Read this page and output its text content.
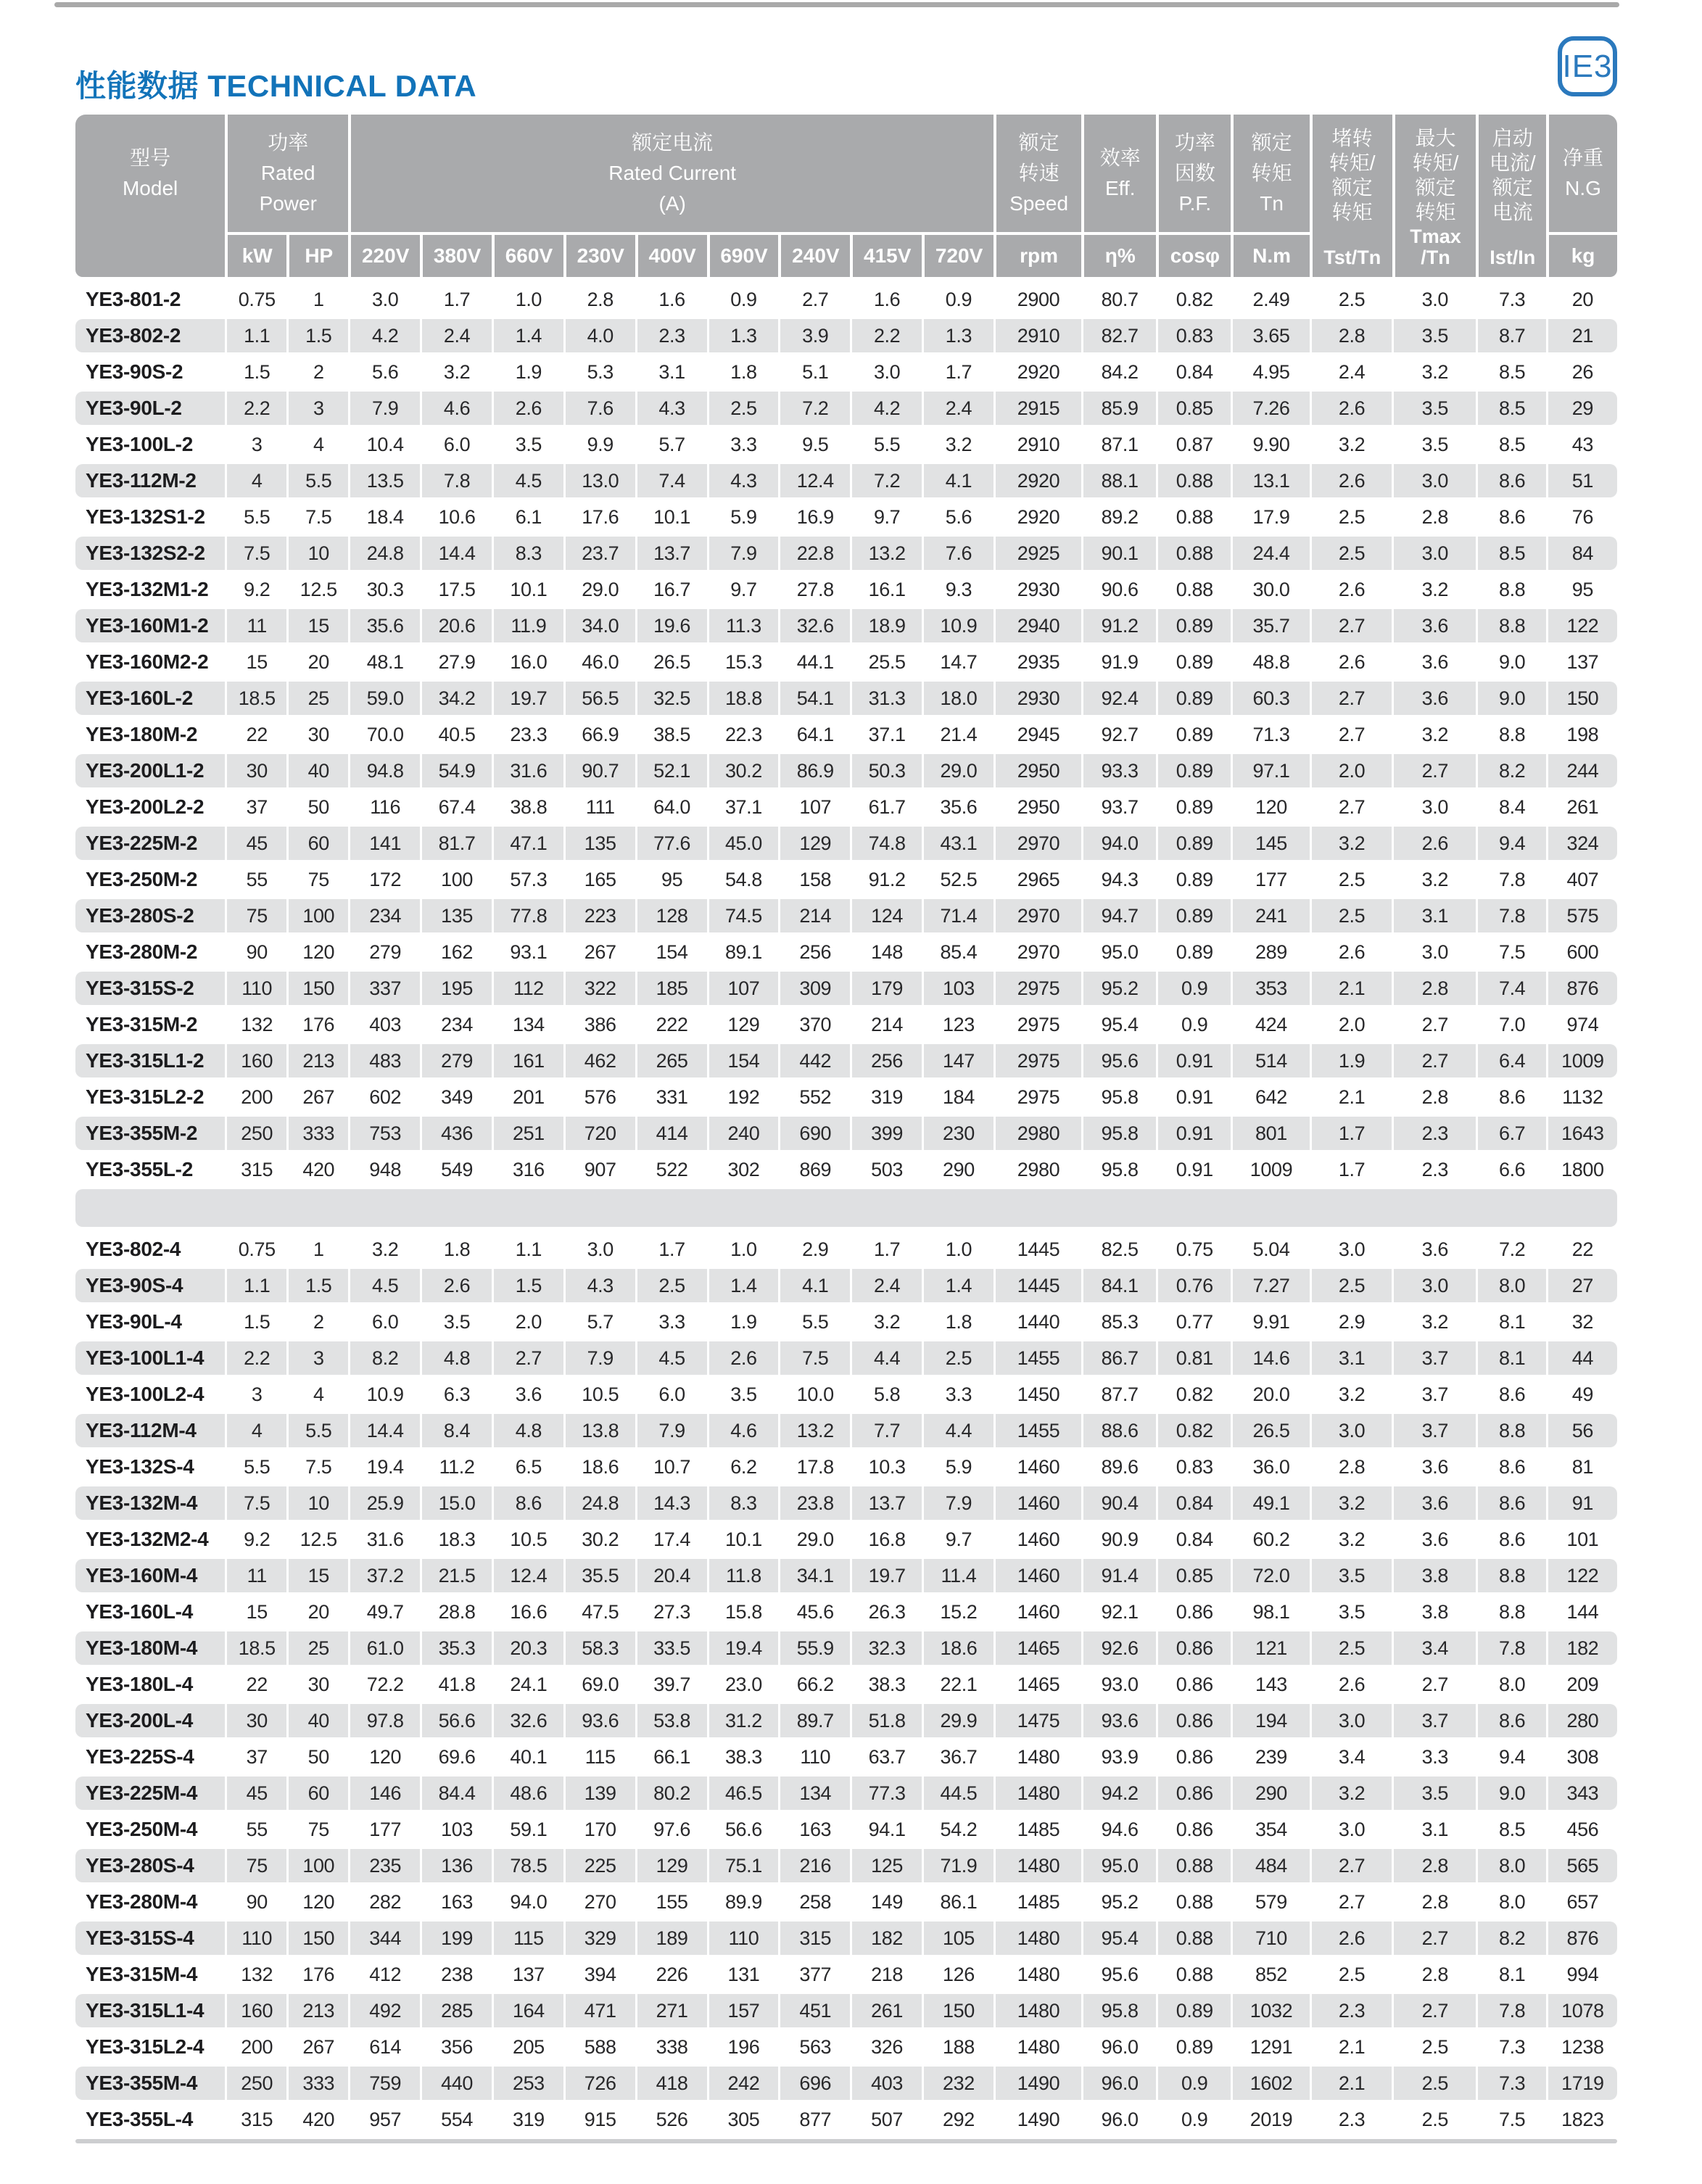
性能数据 TECHNICAL DATA
IE3
型号
Model
功率
Rated
Power
kW	HP
额定电流
Rated Current
(A)
220V	380V	660V	230V	400V	690V	240V	415V	720V
额定
转速
Speed
rpm
效率
Eff.
η%
功率
因数
P.F.
cosφ
额定
转矩
Tn
N.m
堵转
转矩/
额定
转矩
Tst/Tn
最大
转矩/
额定
转矩
Tmax
/Tn
启动
电流/
额定
电流
Ist/In
净重
N.G
kg
YE3-801-2	0.75	1	3.0	1.7	1.0	2.8	1.6	0.9	2.7	1.6	0.9	2900	80.7	0.82	2.49	2.5	3.0	7.3	20
YE3-802-2	1.1	1.5	4.2	2.4	1.4	4.0	2.3	1.3	3.9	2.2	1.3	2910	82.7	0.83	3.65	2.8	3.5	8.7	21
YE3-90S-2	1.5	2	5.6	3.2	1.9	5.3	3.1	1.8	5.1	3.0	1.7	2920	84.2	0.84	4.95	2.4	3.2	8.5	26
YE3-90L-2	2.2	3	7.9	4.6	2.6	7.6	4.3	2.5	7.2	4.2	2.4	2915	85.9	0.85	7.26	2.6	3.5	8.5	29
YE3-100L-2	3	4	10.4	6.0	3.5	9.9	5.7	3.3	9.5	5.5	3.2	2910	87.1	0.87	9.90	3.2	3.5	8.5	43
YE3-112M-2	4	5.5	13.5	7.8	4.5	13.0	7.4	4.3	12.4	7.2	4.1	2920	88.1	0.88	13.1	2.6	3.0	8.6	51
YE3-132S1-2	5.5	7.5	18.4	10.6	6.1	17.6	10.1	5.9	16.9	9.7	5.6	2920	89.2	0.88	17.9	2.5	2.8	8.6	76
YE3-132S2-2	7.5	10	24.8	14.4	8.3	23.7	13.7	7.9	22.8	13.2	7.6	2925	90.1	0.88	24.4	2.5	3.0	8.5	84
YE3-132M1-2	9.2	12.5	30.3	17.5	10.1	29.0	16.7	9.7	27.8	16.1	9.3	2930	90.6	0.88	30.0	2.6	3.2	8.8	95
YE3-160M1-2	11	15	35.6	20.6	11.9	34.0	19.6	11.3	32.6	18.9	10.9	2940	91.2	0.89	35.7	2.7	3.6	8.8	122
YE3-160M2-2	15	20	48.1	27.9	16.0	46.0	26.5	15.3	44.1	25.5	14.7	2935	91.9	0.89	48.8	2.6	3.6	9.0	137
YE3-160L-2	18.5	25	59.0	34.2	19.7	56.5	32.5	18.8	54.1	31.3	18.0	2930	92.4	0.89	60.3	2.7	3.6	9.0	150
YE3-180M-2	22	30	70.0	40.5	23.3	66.9	38.5	22.3	64.1	37.1	21.4	2945	92.7	0.89	71.3	2.7	3.2	8.8	198
YE3-200L1-2	30	40	94.8	54.9	31.6	90.7	52.1	30.2	86.9	50.3	29.0	2950	93.3	0.89	97.1	2.0	2.7	8.2	244
YE3-200L2-2	37	50	116	67.4	38.8	111	64.0	37.1	107	61.7	35.6	2950	93.7	0.89	120	2.7	3.0	8.4	261
YE3-225M-2	45	60	141	81.7	47.1	135	77.6	45.0	129	74.8	43.1	2970	94.0	0.89	145	3.2	2.6	9.4	324
YE3-250M-2	55	75	172	100	57.3	165	95	54.8	158	91.2	52.5	2965	94.3	0.89	177	2.5	3.2	7.8	407
YE3-280S-2	75	100	234	135	77.8	223	128	74.5	214	124	71.4	2970	94.7	0.89	241	2.5	3.1	7.8	575
YE3-280M-2	90	120	279	162	93.1	267	154	89.1	256	148	85.4	2970	95.0	0.89	289	2.6	3.0	7.5	600
YE3-315S-2	110	150	337	195	112	322	185	107	309	179	103	2975	95.2	0.9	353	2.1	2.8	7.4	876
YE3-315M-2	132	176	403	234	134	386	222	129	370	214	123	2975	95.4	0.9	424	2.0	2.7	7.0	974
YE3-315L1-2	160	213	483	279	161	462	265	154	442	256	147	2975	95.6	0.91	514	1.9	2.7	6.4	1009
YE3-315L2-2	200	267	602	349	201	576	331	192	552	319	184	2975	95.8	0.91	642	2.1	2.8	8.6	1132
YE3-355M-2	250	333	753	436	251	720	414	240	690	399	230	2980	95.8	0.91	801	1.7	2.3	6.7	1643
YE3-355L-2	315	420	948	549	316	907	522	302	869	503	290	2980	95.8	0.91	1009	1.7	2.3	6.6	1800
YE3-802-4	0.75	1	3.2	1.8	1.1	3.0	1.7	1.0	2.9	1.7	1.0	1445	82.5	0.75	5.04	3.0	3.6	7.2	22
YE3-90S-4	1.1	1.5	4.5	2.6	1.5	4.3	2.5	1.4	4.1	2.4	1.4	1445	84.1	0.76	7.27	2.5	3.0	8.0	27
YE3-90L-4	1.5	2	6.0	3.5	2.0	5.7	3.3	1.9	5.5	3.2	1.8	1440	85.3	0.77	9.91	2.9	3.2	8.1	32
YE3-100L1-4	2.2	3	8.2	4.8	2.7	7.9	4.5	2.6	7.5	4.4	2.5	1455	86.7	0.81	14.6	3.1	3.7	8.1	44
YE3-100L2-4	3	4	10.9	6.3	3.6	10.5	6.0	3.5	10.0	5.8	3.3	1450	87.7	0.82	20.0	3.2	3.7	8.6	49
YE3-112M-4	4	5.5	14.4	8.4	4.8	13.8	7.9	4.6	13.2	7.7	4.4	1455	88.6	0.82	26.5	3.0	3.7	8.8	56
YE3-132S-4	5.5	7.5	19.4	11.2	6.5	18.6	10.7	6.2	17.8	10.3	5.9	1460	89.6	0.83	36.0	2.8	3.6	8.6	81
YE3-132M-4	7.5	10	25.9	15.0	8.6	24.8	14.3	8.3	23.8	13.7	7.9	1460	90.4	0.84	49.1	3.2	3.6	8.6	91
YE3-132M2-4	9.2	12.5	31.6	18.3	10.5	30.2	17.4	10.1	29.0	16.8	9.7	1460	90.9	0.84	60.2	3.2	3.6	8.6	101
YE3-160M-4	11	15	37.2	21.5	12.4	35.5	20.4	11.8	34.1	19.7	11.4	1460	91.4	0.85	72.0	3.5	3.8	8.8	122
YE3-160L-4	15	20	49.7	28.8	16.6	47.5	27.3	15.8	45.6	26.3	15.2	1460	92.1	0.86	98.1	3.5	3.8	8.8	144
YE3-180M-4	18.5	25	61.0	35.3	20.3	58.3	33.5	19.4	55.9	32.3	18.6	1465	92.6	0.86	121	2.5	3.4	7.8	182
YE3-180L-4	22	30	72.2	41.8	24.1	69.0	39.7	23.0	66.2	38.3	22.1	1465	93.0	0.86	143	2.6	2.7	8.0	209
YE3-200L-4	30	40	97.8	56.6	32.6	93.6	53.8	31.2	89.7	51.8	29.9	1475	93.6	0.86	194	3.0	3.7	8.6	280
YE3-225S-4	37	50	120	69.6	40.1	115	66.1	38.3	110	63.7	36.7	1480	93.9	0.86	239	3.4	3.3	9.4	308
YE3-225M-4	45	60	146	84.4	48.6	139	80.2	46.5	134	77.3	44.5	1480	94.2	0.86	290	3.2	3.5	9.0	343
YE3-250M-4	55	75	177	103	59.1	170	97.6	56.6	163	94.1	54.2	1485	94.6	0.86	354	3.0	3.1	8.5	456
YE3-280S-4	75	100	235	136	78.5	225	129	75.1	216	125	71.9	1480	95.0	0.88	484	2.7	2.8	8.0	565
YE3-280M-4	90	120	282	163	94.0	270	155	89.9	258	149	86.1	1485	95.2	0.88	579	2.7	2.8	8.0	657
YE3-315S-4	110	150	344	199	115	329	189	110	315	182	105	1480	95.4	0.88	710	2.6	2.7	8.2	876
YE3-315M-4	132	176	412	238	137	394	226	131	377	218	126	1480	95.6	0.88	852	2.5	2.8	8.1	994
YE3-315L1-4	160	213	492	285	164	471	271	157	451	261	150	1480	95.8	0.89	1032	2.3	2.7	7.8	1078
YE3-315L2-4	200	267	614	356	205	588	338	196	563	326	188	1480	96.0	0.89	1291	2.1	2.5	7.3	1238
YE3-355M-4	250	333	759	440	253	726	418	242	696	403	232	1490	96.0	0.9	1602	2.1	2.5	7.3	1719
YE3-355L-4	315	420	957	554	319	915	526	305	877	507	292	1490	96.0	0.9	2019	2.3	2.5	7.5	1823
